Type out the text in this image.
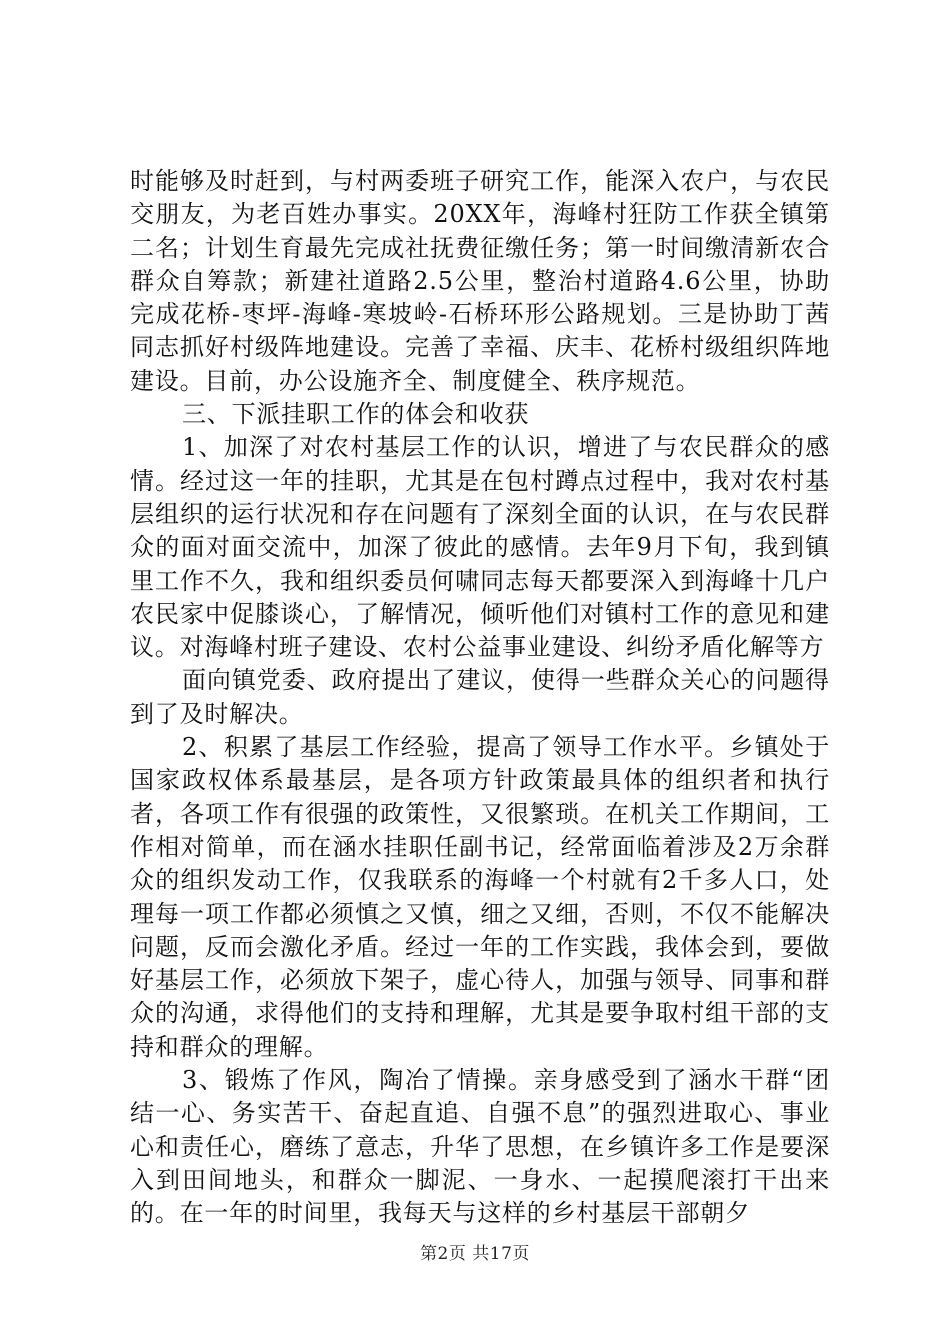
时能够及时赶到，与村两委班子研究工作，能深入农户，与农民交朋友，为老百姓办事实。20XX年，海峰村狂防工作获全镇第二名；计划生育最先完成社抚费征缴任务；第一时间缴清新农合群众自筹款；新建社道路2.5公里，整治村道路4.6公里，协助完成花桥-枣坪-海峰-寒坡岭-石桥环形公路规划。三是协助丁茜同志抓好村级阵地建设。完善了幸福、庆丰、花桥村级组织阵地建设。目前，办公设施齐全、制度健全、秩序规范。

三、下派挂职工作的体会和收获

1、加深了对农村基层工作的认识，增进了与农民群众的感情。经过这一年的挂职，尤其是在包村蹲点过程中，我对农村基层组织的运行状况和存在问题有了深刻全面的认识，在与农民群众的面对面交流中，加深了彼此的感情。去年9月下旬，我到镇里工作不久，我和组织委员何啸同志每天都要深入到海峰十几户农民家中促膝谈心，了解情况，倾听他们对镇村工作的意见和建议。对海峰村班子建设、农村公益事业建设、纠纷矛盾化解等方

面向镇党委、政府提出了建议，使得一些群众关心的问题得到了及时解决。

2、积累了基层工作经验，提高了领导工作水平。乡镇处于国家政权体系最基层，是各项方针政策最具体的组织者和执行者，各项工作有很强的政策性，又很繁琐。在机关工作期间，工作相对简单，而在涵水挂职任副书记，经常面临着涉及2万余群众的组织发动工作，仅我联系的海峰一个村就有2千多人口，处理每一项工作都必须慎之又慎，细之又细，否则，不仅不能解决问题，反而会激化矛盾。经过一年的工作实践，我体会到，要做好基层工作，必须放下架子，虚心待人，加强与领导、同事和群众的沟通，求得他们的支持和理解，尤其是要争取村组干部的支持和群众的理解。

3、锻炼了作风，陶冶了情操。亲身感受到了涵水干群“团结一心、务实苦干、奋起直追、自强不息”的强烈进取心、事业心和责任心，磨练了意志，升华了思想，在乡镇许多工作是要深入到田间地头，和群众一脚泥、一身水、一起摸爬滚打干出来的。在一年的时间里，我每天与这样的乡村基层干部朝夕

第2页 共17页
